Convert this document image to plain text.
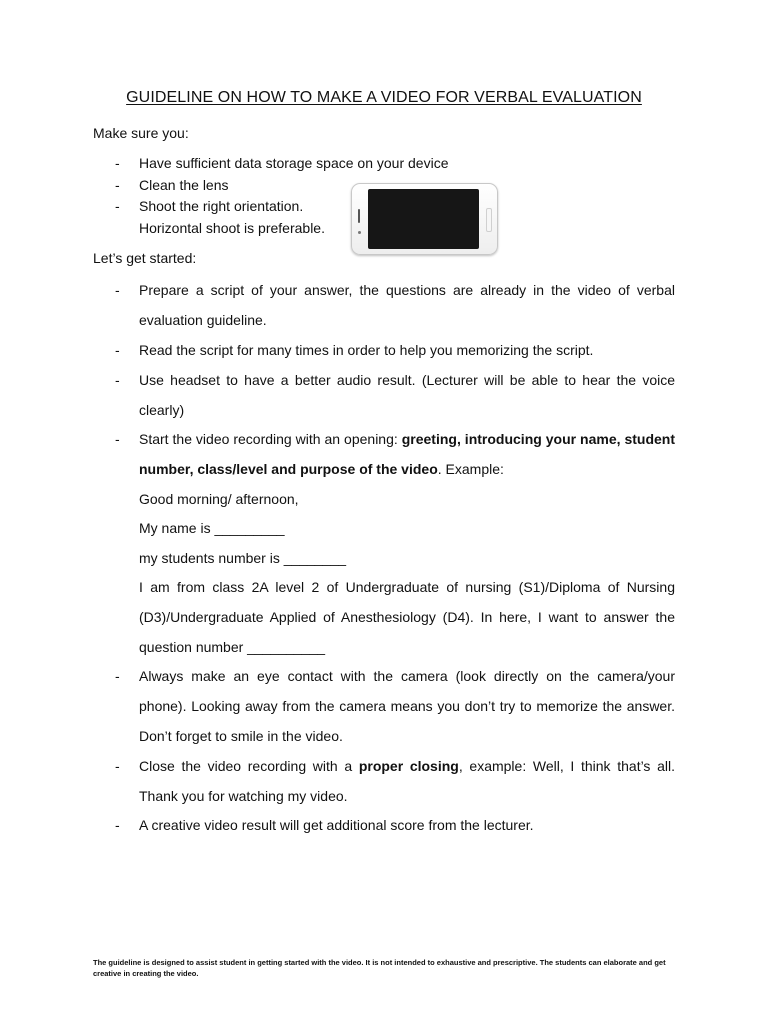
GUIDELINE ON HOW TO MAKE A VIDEO FOR VERBAL EVALUATION
Make sure you:
- Have sufficient data storage space on your device
- Clean the lens
- Shoot the right orientation.
Horizontal shoot is preferable.
Let’s get started:
- Prepare a script of your answer, the questions are already in the video of verbal evaluation guideline.
- Read the script for many times in order to help you memorizing the script.
- Use headset to have a better audio result. (Lecturer will be able to hear the voice clearly)
- Start the video recording with an opening: greeting, introducing your name, student number, class/level and purpose of the video. Example:
Good morning/ afternoon,
My name is _________
my students number is ________
I am from class 2A level 2 of Undergraduate of nursing (S1)/Diploma of Nursing (D3)/Undergraduate Applied of Anesthesiology (D4). In here, I want to answer the question number __________
- Always make an eye contact with the camera (look directly on the camera/your phone). Looking away from the camera means you don’t try to memorize the answer. Don’t forget to smile in the video.
- Close the video recording with a proper closing, example: Well, I think that’s all. Thank you for watching my video.
- A creative video result will get additional score from the lecturer.
The guideline is designed to assist student in getting started with the video. It is not intended to exhaustive and prescriptive. The students can elaborate and get creative in creating the video.
